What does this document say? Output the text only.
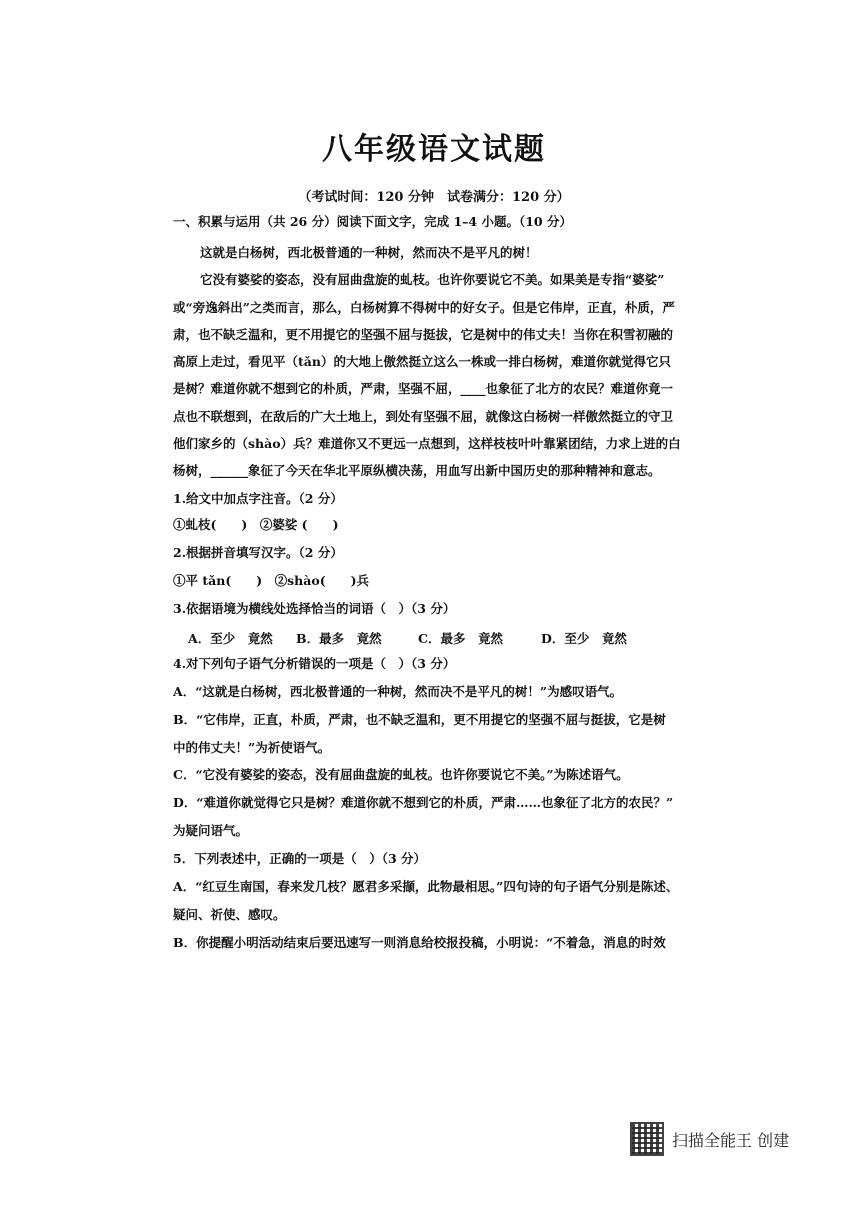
八年级语文试题
（考试时间：120 分钟　试卷满分：120 分）
一、积累与运用（共 26 分）阅读下面文字，完成 1–4 小题。（10 分）
这就是白杨树，西北极普通的一种树，然而决不是平凡的树！
它没有婆娑的姿态，没有屈曲盘旋的虬枝。也许你要说它不美。如果美是专指“婆娑”
或“旁逸斜出”之类而言，那么，白杨树算不得树中的好女子。但是它伟岸，正直，朴质，严
肃，也不缺乏温和，更不用提它的坚强不屈与挺拔，它是树中的伟丈夫！当你在积雪初融的
高原上走过，看见平（tǎn）的大地上傲然挺立这么一株或一排白杨树，难道你就觉得它只
是树？难道你就不想到它的朴质，严肃，坚强不屈，____也象征了北方的农民？难道你竟一
点也不联想到，在敌后的广大土地上，到处有坚强不屈，就像这白杨树一样傲然挺立的守卫
他们家乡的（shào）兵？难道你又不更远一点想到，这样枝枝叶叶靠紧团结，力求上进的白
杨树，______象征了今天在华北平原纵横决荡，用血写出新中国历史的那种精神和意志。
1.给文中加点字注音。（2 分）
①虬枝(　　)　②婆娑 (　　)
2.根据拼音填写汉字。（2 分）
①平 tǎn(　　)　②shào(　　)兵
3.依据语境为横线处选择恰当的词语（　）（3 分）
A．至少　竟然 B．最多　竟然	C．最多　竟然	D．至少　竟然
4.对下列句子语气分析错误的一项是（　）（3 分）
A．“这就是白杨树，西北极普通的一种树，然而决不是平凡的树！”为感叹语气。
B．“它伟岸，正直，朴质，严肃，也不缺乏温和，更不用提它的坚强不屈与挺拔，它是树
中的伟丈夫！”为祈使语气。
C．“它没有婆娑的姿态，没有屈曲盘旋的虬枝。也许你要说它不美。”为陈述语气。
D．“难道你就觉得它只是树？难道你就不想到它的朴质，严肃……也象征了北方的农民？”
为疑问语气。
5．下列表述中，正确的一项是（　）（3 分）
A．“红豆生南国，春来发几枝？愿君多采撷，此物最相思。”四句诗的句子语气分别是陈述、
疑问、祈使、感叹。
B．你提醒小明活动结束后要迅速写一则消息给校报投稿，小明说：“不着急，消息的时效
扫描全能王 创建
